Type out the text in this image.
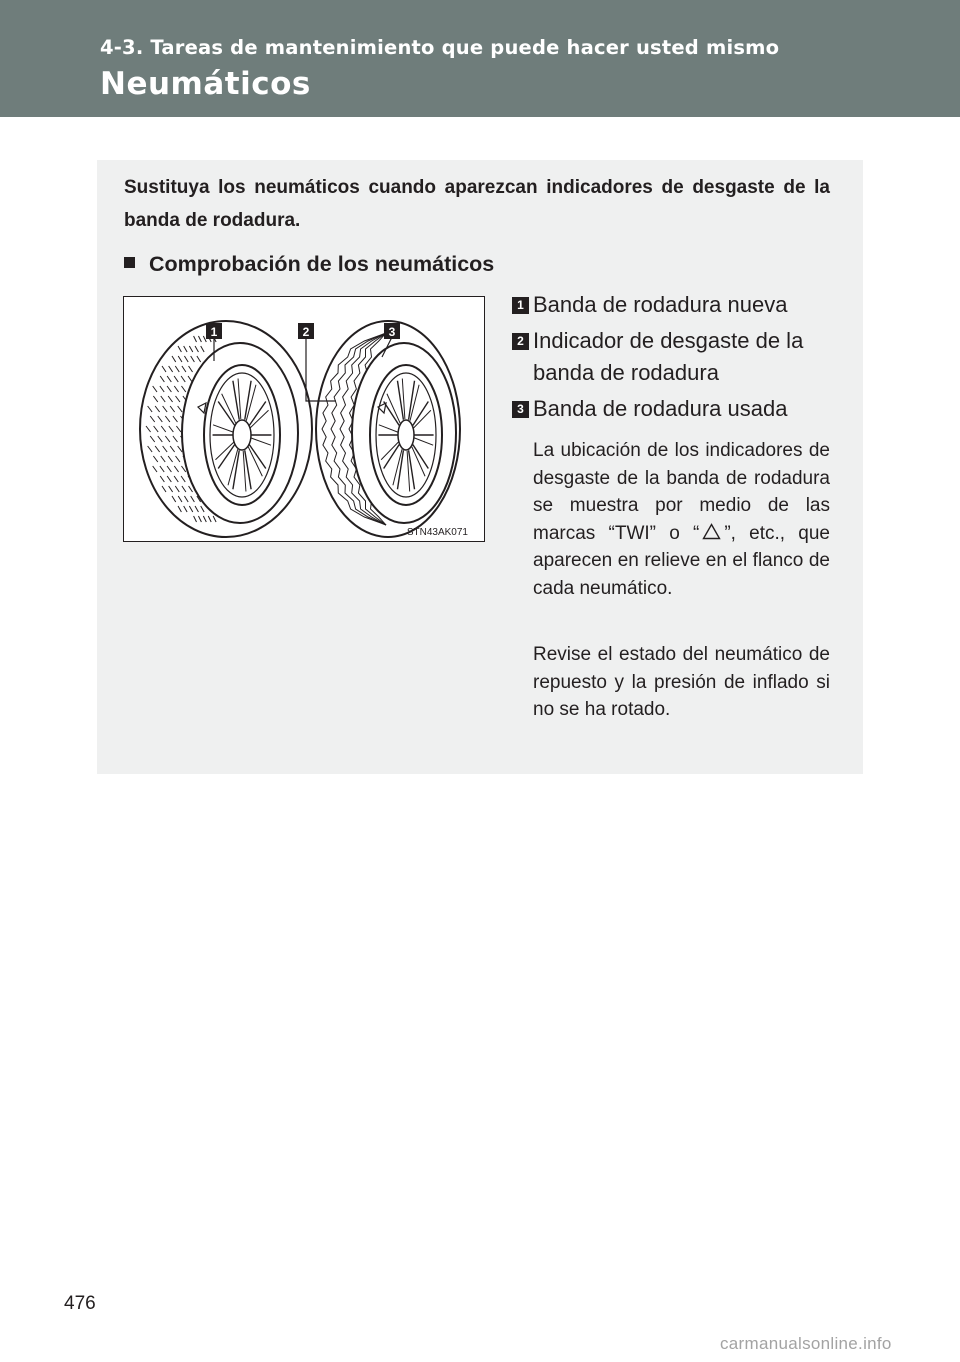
4-3. Tareas de mantenimiento que puede hacer usted mismo
Neumáticos
Sustituya los neumáticos cuando aparezcan indicadores de desgaste de la banda de rodadura.
Comprobación de los neumáticos
1	2	3
STN43AK071
1 Banda de rodadura nueva
2 Indicador de desgaste de la banda de rodadura
3 Banda de rodadura usada
La ubicación de los indicadores de desgaste de la banda de rodadura se muestra por medio de las marcas “TWI” o “ ”, etc., que aparecen en relieve en el flanco de cada neumático.
Revise el estado del neumático de repuesto y la presión de inflado si no se ha rotado.
476
carmanualsonline.info
